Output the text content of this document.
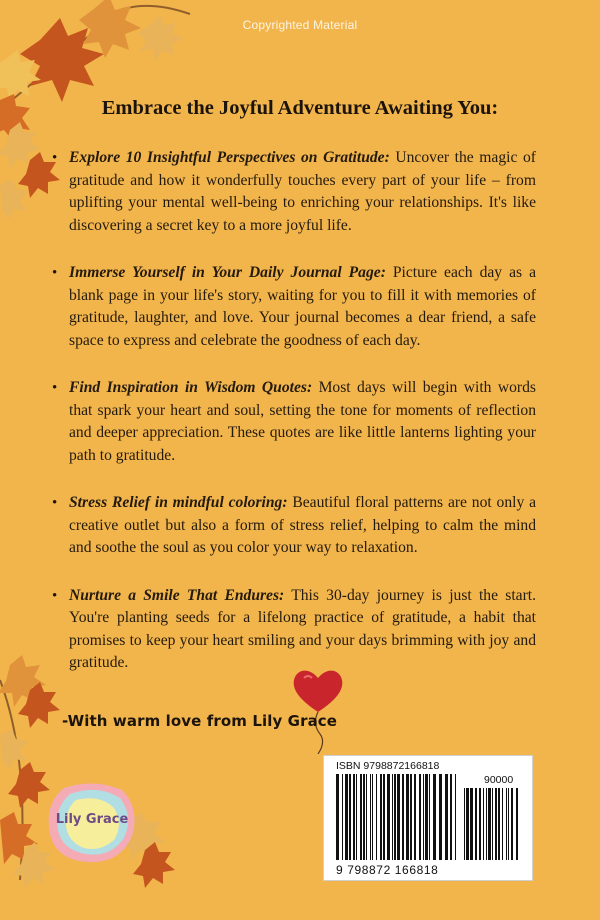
Copyrighted Material
Embrace the Joyful Adventure Awaiting You:
• Explore 10 Insightful Perspectives on Gratitude: Uncover the magic of gratitude and how it wonderfully touches every part of your life – from uplifting your mental well-being to enriching your relationships. It's like discovering a secret key to a more joyful life.

• Immerse Yourself in Your Daily Journal Page: Picture each day as a blank page in your life's story, waiting for you to fill it with memories of gratitude, laughter, and love. Your journal becomes a dear friend, a safe space to express and celebrate the goodness of each day.

• Find Inspiration in Wisdom Quotes: Most days will begin with words that spark your heart and soul, setting the tone for moments of reflection and deeper appreciation. These quotes are like little lanterns lighting your path to gratitude.

• Stress Relief in mindful coloring: Beautiful floral patterns are not only a creative outlet but also a form of stress relief, helping to calm the mind and soothe the soul as you color your way to relaxation.

• Nurture a Smile That Endures: This 30-day journey is just the start. You're planting seeds for a lifelong practice of gratitude, a habit that promises to keep your heart smiling and your days brimming with joy and gratitude.

-With warm love from Lily Grace
Lily Grace
ISBN 9798872166818
90000
9 798872 166818
